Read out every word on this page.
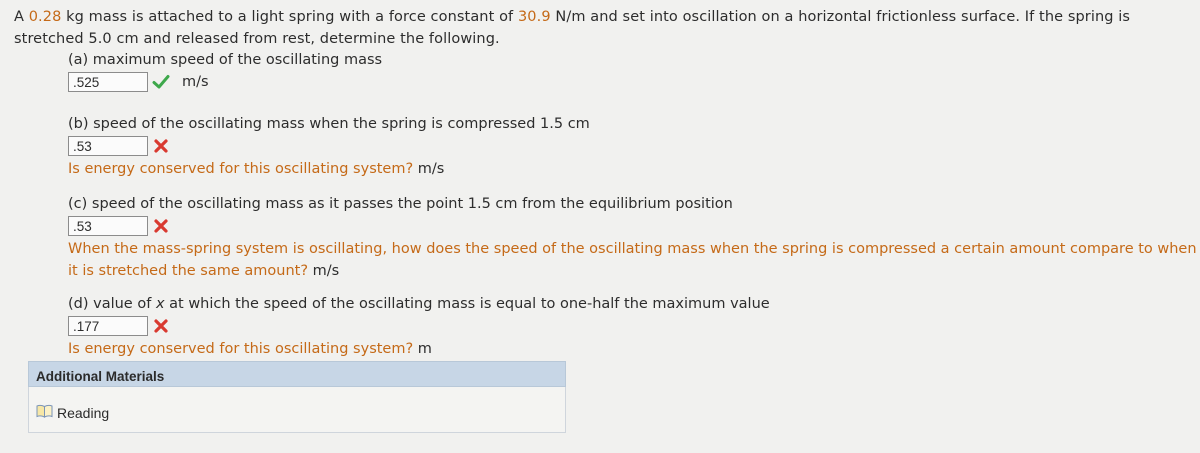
A 0.28 kg mass is attached to a light spring with a force constant of 30.9 N/m and set into oscillation on a horizontal frictionless surface. If the spring is stretched 5.0 cm and released from rest, determine the following.
(a) maximum speed of the oscillating mass
.525	m/s
(b) speed of the oscillating mass when the spring is compressed 1.5 cm
.53
Is energy conserved for this oscillating system? m/s
(c) speed of the oscillating mass as it passes the point 1.5 cm from the equilibrium position
.53
When the mass-spring system is oscillating, how does the speed of the oscillating mass when the spring is compressed a certain amount compare to when it is stretched the same amount? m/s
(d) value of x at which the speed of the oscillating mass is equal to one-half the maximum value
.177
Is energy conserved for this oscillating system? m
Additional Materials
Reading
